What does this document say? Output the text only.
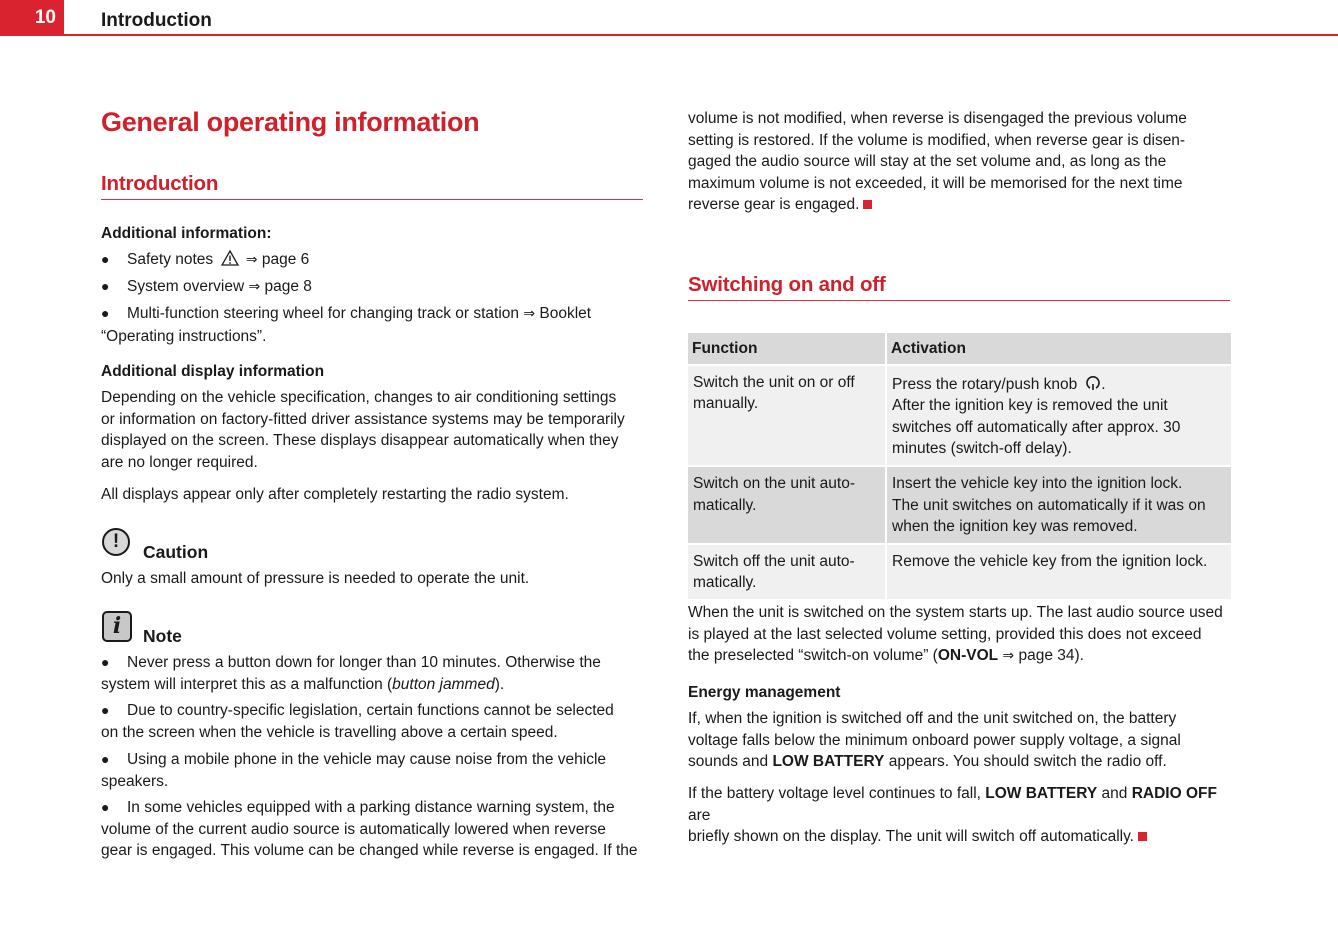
10	Introduction
General operating information
Introduction
Additional information:
● Safety notes ⇒ page 6
● System overview ⇒ page 8
● Multi-function steering wheel for changing track or station ⇒ Booklet
“Operating instructions”.
Additional display information
Depending on the vehicle specification, changes to air conditioning settings
or information on factory-fitted driver assistance systems may be temporarily
displayed on the screen. These displays disappear automatically when they
are no longer required.
All displays appear only after completely restarting the radio system.
!	Caution
Only a small amount of pressure is needed to operate the unit.
i	Note
● Never press a button down for longer than 10 minutes. Otherwise the
system will interpret this as a malfunction (button jammed).
● Due to country-specific legislation, certain functions cannot be selected
on the screen when the vehicle is travelling above a certain speed.
● Using a mobile phone in the vehicle may cause noise from the vehicle
speakers.
● In some vehicles equipped with a parking distance warning system, the
volume of the current audio source is automatically lowered when reverse
gear is engaged. This volume can be changed while reverse is engaged. If the
volume is not modified, when reverse is disengaged the previous volume
setting is restored. If the volume is modified, when reverse gear is disen-
gaged the audio source will stay at the set volume and, as long as the
maximum volume is not exceeded, it will be memorised for the next time
reverse gear is engaged.
Switching on and off
Function	Activation
Switch the unit on or off
manually.	Press the rotary/push knob .
After the ignition key is removed the unit
switches off automatically after approx. 30
minutes (switch-off delay).
Switch on the unit auto-
matically.	Insert the vehicle key into the ignition lock.
The unit switches on automatically if it was on
when the ignition key was removed.
Switch off the unit auto-
matically.	Remove the vehicle key from the ignition lock.
When the unit is switched on the system starts up. The last audio source used
is played at the last selected volume setting, provided this does not exceed
the preselected “switch-on volume” (ON-VOL ⇒ page 34).
Energy management
If, when the ignition is switched off and the unit switched on, the battery
voltage falls below the minimum onboard power supply voltage, a signal
sounds and LOW BATTERY appears. You should switch the radio off.
If the battery voltage level continues to fall, LOW BATTERY and RADIO OFF are
briefly shown on the display. The unit will switch off automatically.
